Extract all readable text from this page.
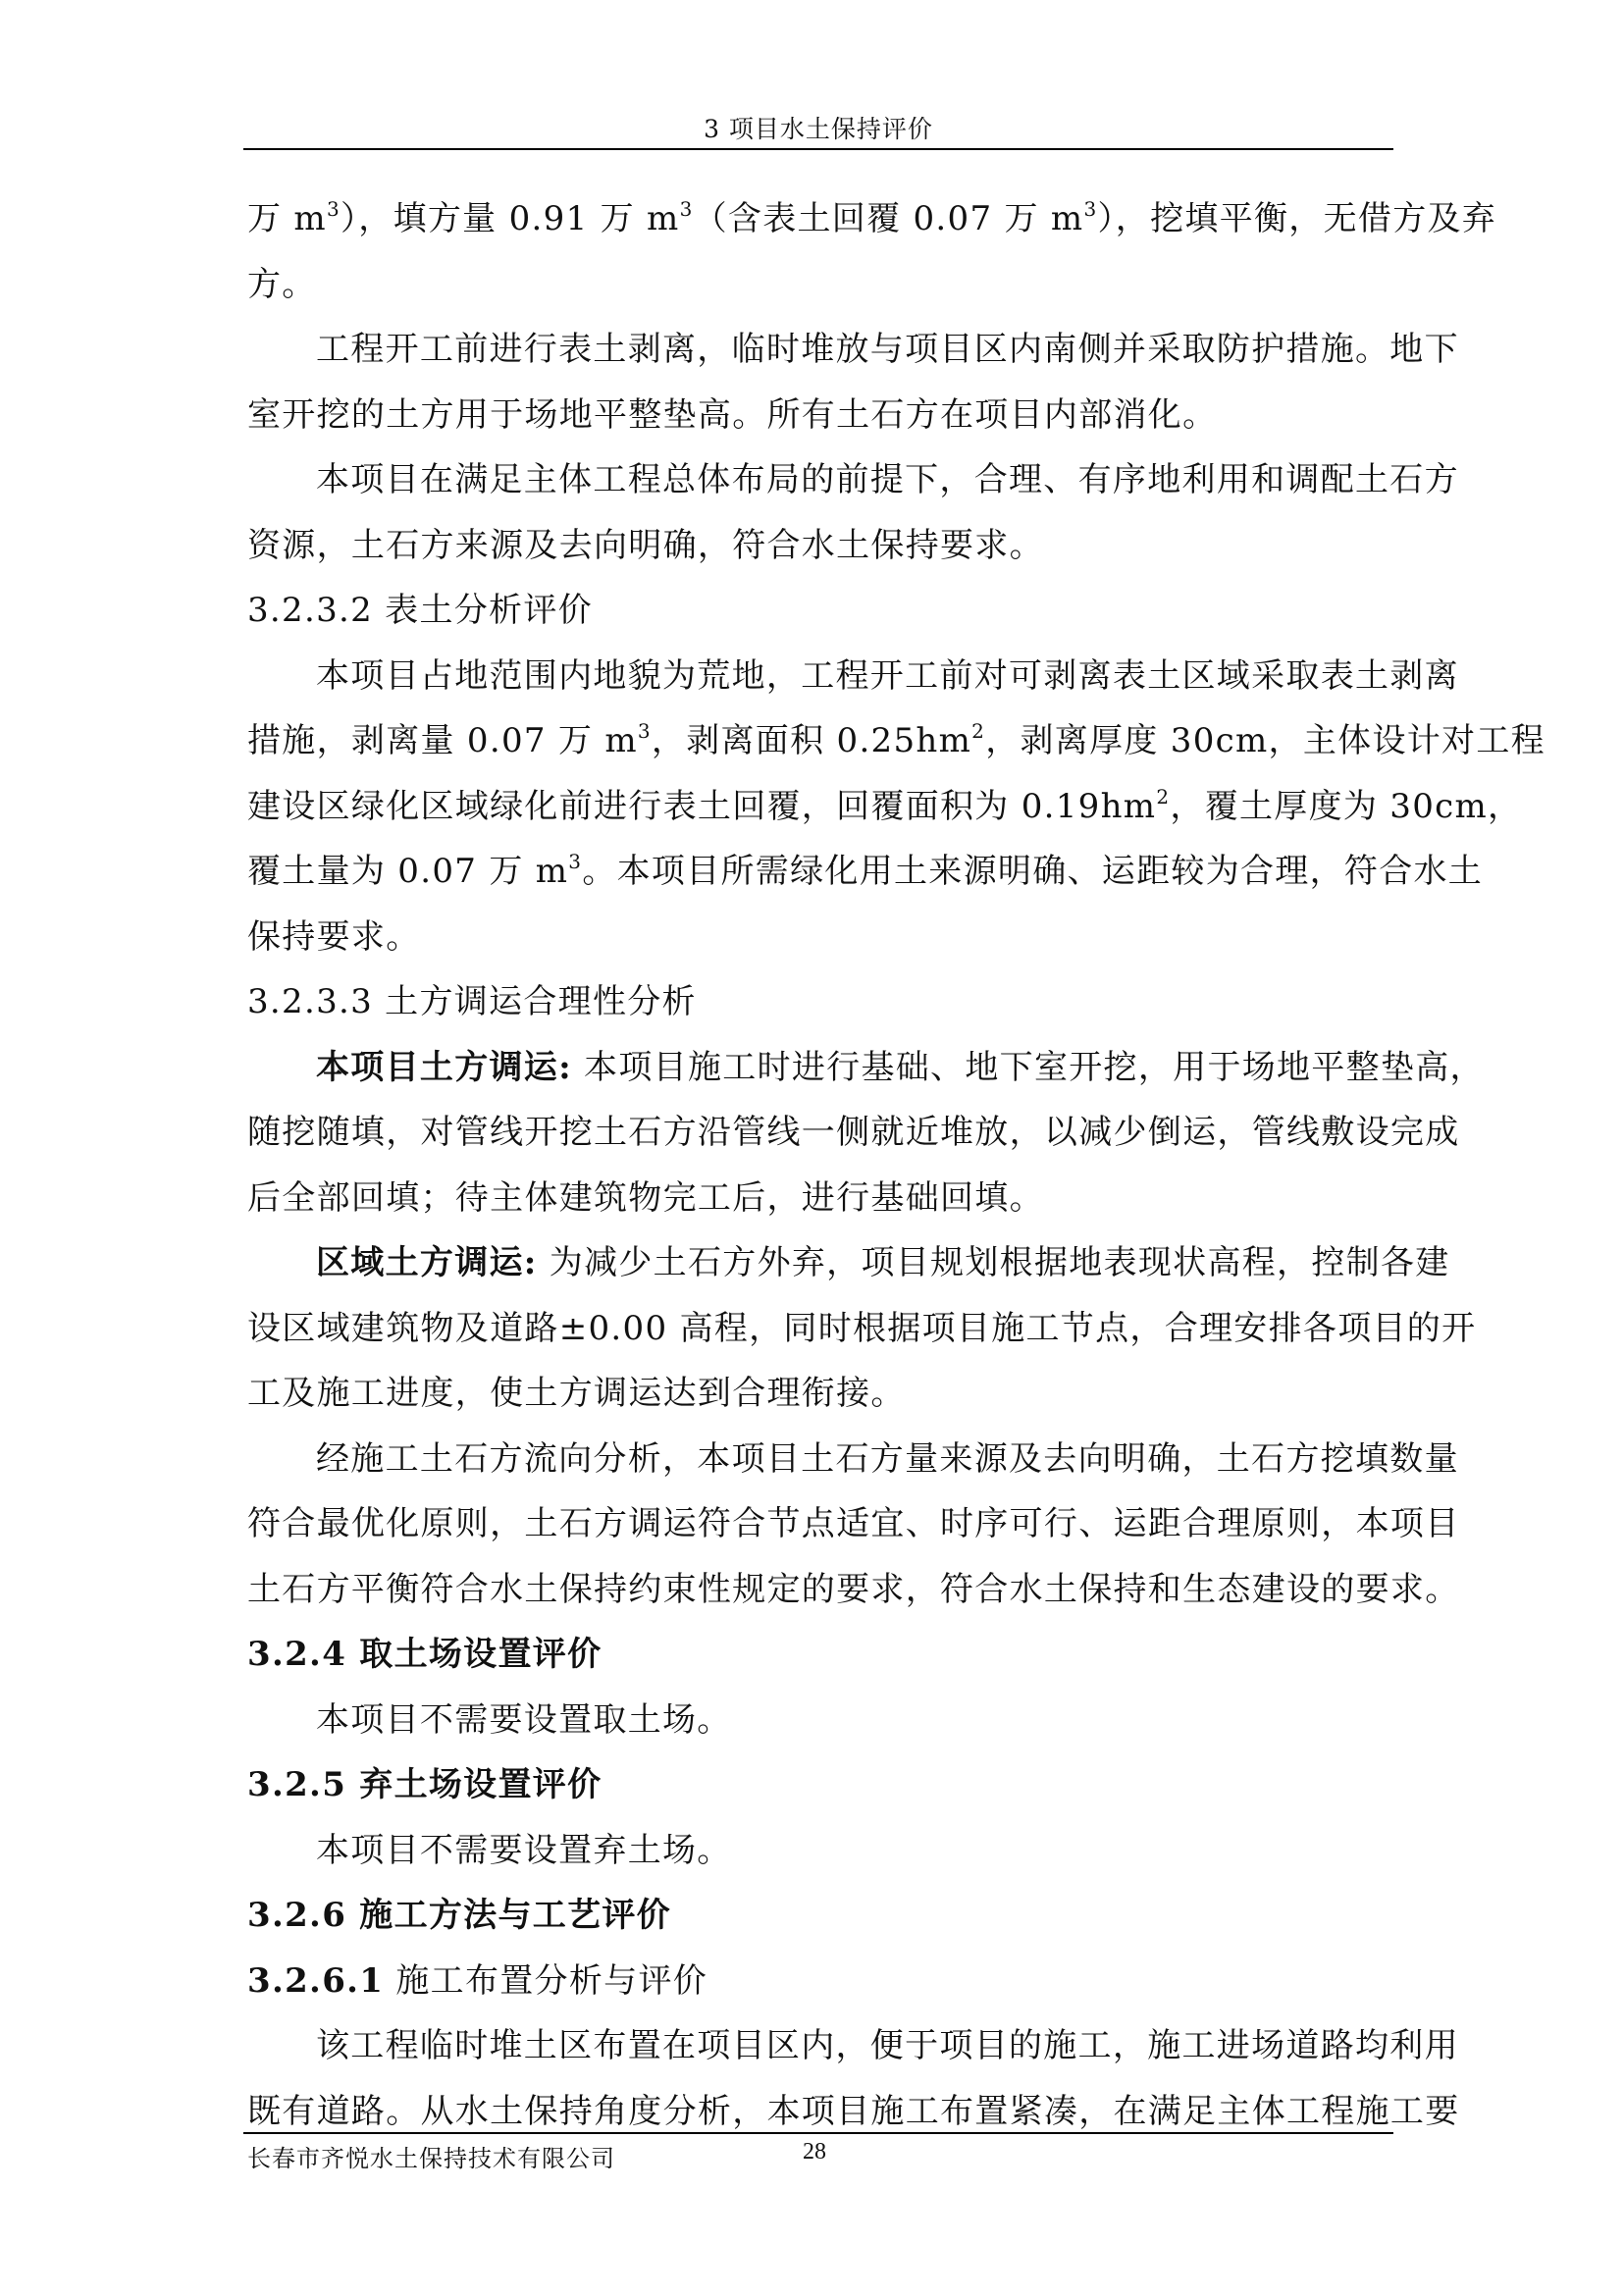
3 项目水土保持评价
万 $m^3$），填方量 0.91 万 $m^3$（含表土回覆 0.07 万 $m^3$），挖填平衡，无借方及弃
方。
工程开工前进行表土剥离，临时堆放与项目区内南侧并采取防护措施。地下
室开挖的土方用于场地平整垫高。所有土石方在项目内部消化。
本项目在满足主体工程总体布局的前提下，合理、有序地利用和调配土石方
资源，土石方来源及去向明确，符合水土保持要求。
3.2.3.2 表土分析评价
本项目占地范围内地貌为荒地，工程开工前对可剥离表土区域采取表土剥离
措施，剥离量 0.07 万 $m^3$，剥离面积 $0.25hm^2$，剥离厚度 30cm，主体设计对工程
建设区绿化区域绿化前进行表土回覆，回覆面积为 $0.19hm^2$，覆土厚度为 30cm，
覆土量为 0.07 万 $m^3$。本项目所需绿化用土来源明确、运距较为合理，符合水土
保持要求。
3.2.3.3 土方调运合理性分析
本项目土方调运: 本项目施工时进行基础、地下室开挖，用于场地平整垫高，
随挖随填，对管线开挖土石方沿管线一侧就近堆放，以减少倒运，管线敷设完成
后全部回填；待主体建筑物完工后，进行基础回填。
区域土方调运: 为减少土石方外弃，项目规划根据地表现状高程，控制各建
设区域建筑物及道路±0.00 高程，同时根据项目施工节点，合理安排各项目的开
工及施工进度，使土方调运达到合理衔接。
经施工土石方流向分析，本项目土石方量来源及去向明确，土石方挖填数量
符合最优化原则，土石方调运符合节点适宜、时序可行、运距合理原则，本项目
土石方平衡符合水土保持约束性规定的要求，符合水土保持和生态建设的要求。
3.2.4 取土场设置评价
本项目不需要设置取土场。
3.2.5 弃土场设置评价
本项目不需要设置弃土场。
3.2.6 施工方法与工艺评价
3.2.6.1 施工布置分析与评价
该工程临时堆土区布置在项目区内，便于项目的施工，施工进场道路均利用
既有道路。从水土保持角度分析，本项目施工布置紧凑，在满足主体工程施工要
长春市齐悦水土保持技术有限公司	28
